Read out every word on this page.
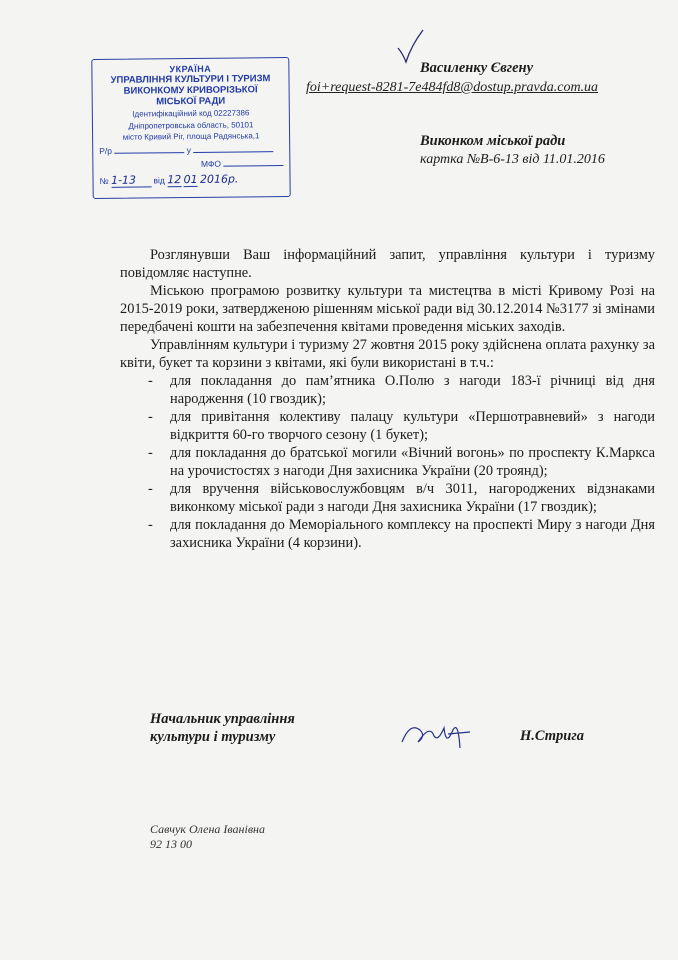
УКРАЇНА
УПРАВЛІННЯ КУЛЬТУРИ І ТУРИЗМ
ВИКОНКОМУ КРИВОРІЗЬКОЇ
МІСЬКОЇ РАДИ
Ідентифікаційний код 02227386
Дніпропетровська область, 50101
місто Кривий Ріг, площа Радянська,1
Р/р	у
МФО
№ 1-13 від 12 01 2016р.
Василенку Євгену
foi+request-8281-7e484fd8@dostup.pravda.com.ua
Виконком міської ради
картка №В-6-13 від 11.01.2016

Розглянувши Ваш інформаційний запит, управління культури і туризму повідомляє наступне.

Міською програмою розвитку культури та мистецтва в місті Кривому Розі на 2015-2019 роки, затвердженою рішенням міської ради від 30.12.2014 №3177 зі змінами передбачені кошти на забезпечення квітами проведення міських заходів.

Управлінням культури і туризму 27 жовтня 2015 року здійснена оплата рахунку за квіти, букет та корзини з квітами, які були використані в т.ч.:

- для покладання до пам’ятника О.Полю з нагоди 183-ї річниці від дня народження (10 гвоздик);
- для привітання колективу палацу культури «Першотравневий» з нагоди відкриття 60-го творчого сезону (1 букет);
- для покладання до братської могили «Вічний вогонь» по проспекту К.Маркса на урочистостях з нагоди Дня захисника України (20 троянд);
- для вручення військовослужбовцям в/ч 3011, нагороджених відзнаками виконкому міської ради з нагоди Дня захисника України (17 гвоздик);
- для покладання до Меморіального комплексу на проспекті Миру з нагоди Дня захисника України (4 корзини).
Начальник управління
культури і туризму	Н.Стрига
Савчук Олена Іванівна
92 13 00
